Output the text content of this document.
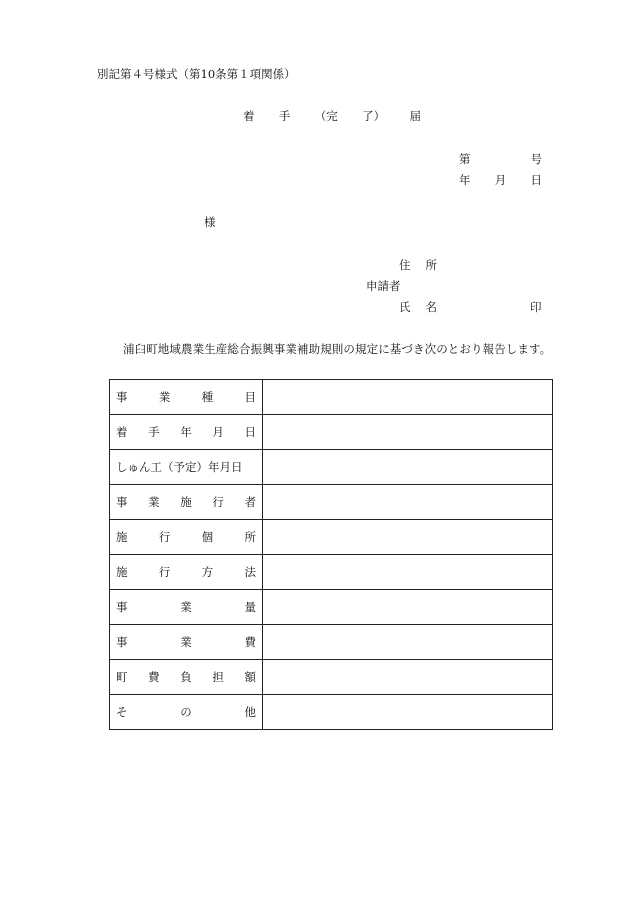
別記第４号様式（第10条第１項関係）
着 手 （完 了） 届
第	号
年 月 日
様
住 所
申請者
氏 名	印
浦臼町地域農業生産総合振興事業補助規則の規定に基づき次のとおり報告します。
事 業 種 目	

着 手 年 月 日	

しゅん工（予定）年月日	

事 業 施 行 者	

施 行 個 所	

施 行 方 法	

事 業 量	

事 業 費	

町 費 負 担 額	

そ の 他	
